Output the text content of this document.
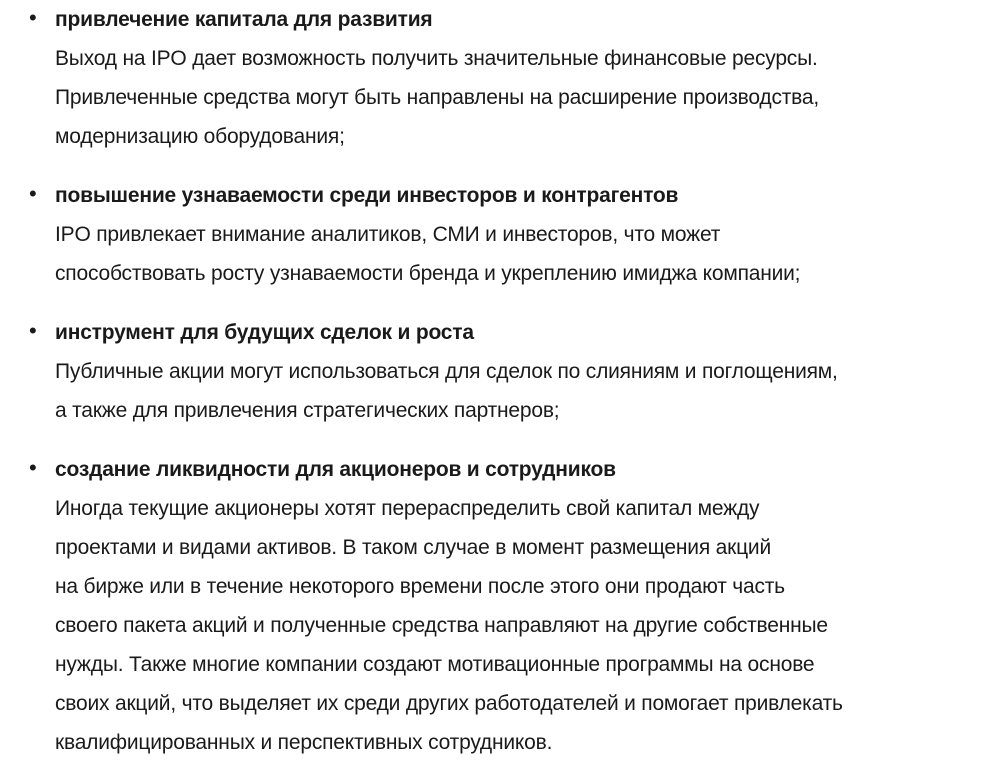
• привлечение капитала для развития
Выход на IPO дает возможность получить значительные финансовые ресурсы.
Привлеченные средства могут быть направлены на расширение производства,
модернизацию оборудования;
• повышение узнаваемости среди инвесторов и контрагентов
IPO привлекает внимание аналитиков, СМИ и инвесторов, что может
способствовать росту узнаваемости бренда и укреплению имиджа компании;
• инструмент для будущих сделок и роста
Публичные акции могут использоваться для сделок по слияниям и поглощениям,
а также для привлечения стратегических партнеров;
• создание ликвидности для акционеров и сотрудников
Иногда текущие акционеры хотят перераспределить свой капитал между
проектами и видами активов. В таком случае в момент размещения акций
на бирже или в течение некоторого времени после этого они продают часть
своего пакета акций и полученные средства направляют на другие собственные
нужды. Также многие компании создают мотивационные программы на основе
своих акций, что выделяет их среди других работодателей и помогает привлекать
квалифицированных и перспективных сотрудников.
